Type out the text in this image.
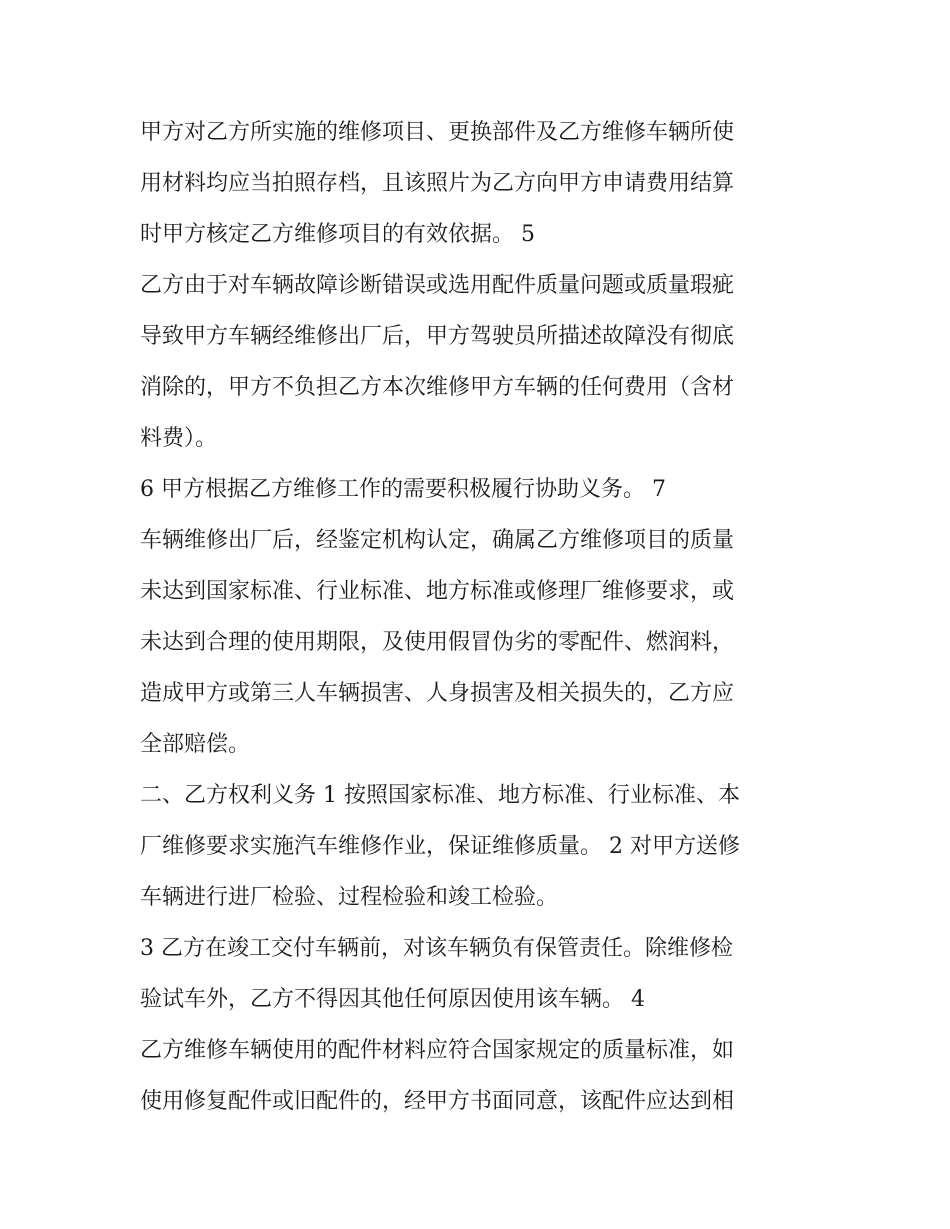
甲方对乙方所实施的维修项目、更换部件及乙方维修车辆所使
用材料均应当拍照存档，且该照片为乙方向甲方申请费用结算
时甲方核定乙方维修项目的有效依据。 5
乙方由于对车辆故障诊断错误或选用配件质量问题或质量瑕疵
导致甲方车辆经维修出厂后，甲方驾驶员所描述故障没有彻底
消除的，甲方不负担乙方本次维修甲方车辆的任何费用（含材
料费）。
6 甲方根据乙方维修工作的需要积极履行协助义务。 7
车辆维修出厂后，经鉴定机构认定，确属乙方维修项目的质量
未达到国家标准、行业标准、地方标准或修理厂维修要求，或
未达到合理的使用期限，及使用假冒伪劣的零配件、燃润料，
造成甲方或第三人车辆损害、人身损害及相关损失的，乙方应
全部赔偿。
二、乙方权利义务 1 按照国家标准、地方标准、行业标准、本
厂维修要求实施汽车维修作业，保证维修质量。 2 对甲方送修
车辆进行进厂检验、过程检验和竣工检验。
3 乙方在竣工交付车辆前，对该车辆负有保管责任。除维修检
验试车外，乙方不得因其他任何原因使用该车辆。 4
乙方维修车辆使用的配件材料应符合国家规定的质量标准，如
使用修复配件或旧配件的，经甲方书面同意，该配件应达到相
